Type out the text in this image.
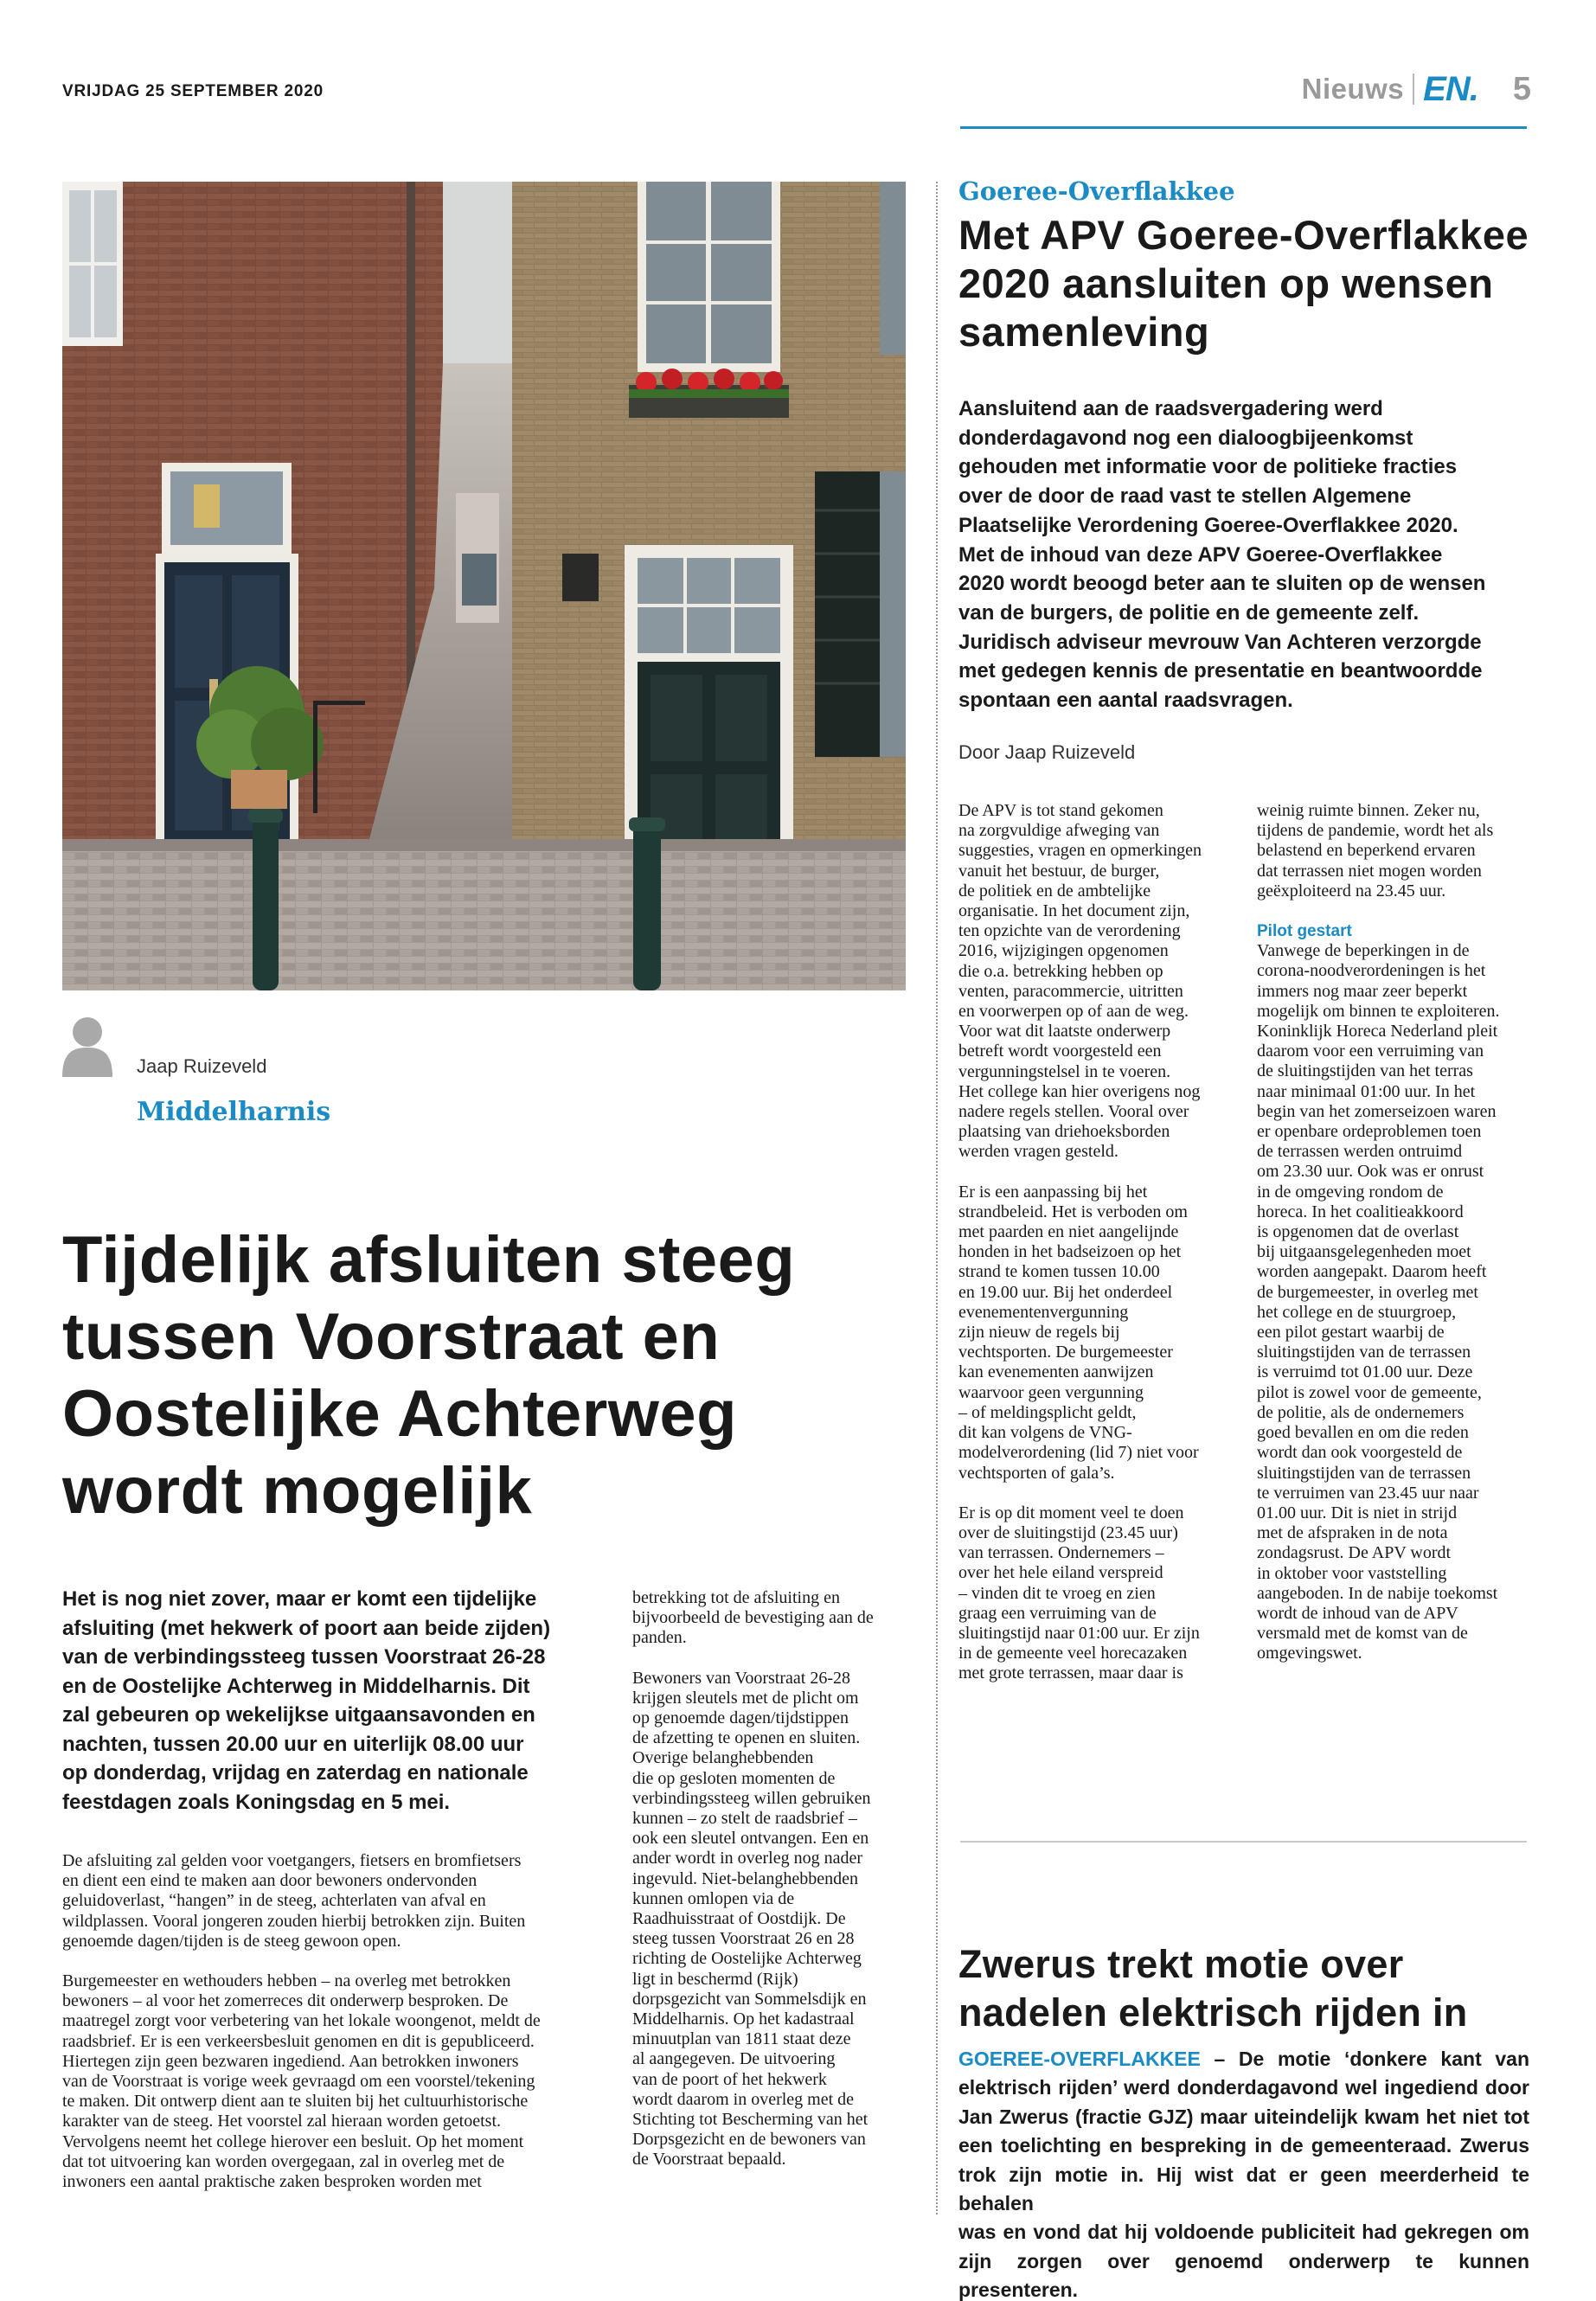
VRIJDAG 25 SEPTEMBER 2020	Nieuws EN. 5
Jaap Ruizeveld
Middelharnis
Tijdelijk afsluiten steeg
tussen Voorstraat en
Oostelijke Achterweg
wordt mogelijk
Het is nog niet zover, maar er komt een tijdelijke
afsluiting (met hekwerk of poort aan beide zijden)
van de verbindingssteeg tussen Voorstraat 26-28
en de Oostelijke Achterweg in Middelharnis. Dit
zal gebeuren op wekelijkse uitgaansavonden en
nachten, tussen 20.00 uur en uiterlijk 08.00 uur
op donderdag, vrijdag en zaterdag en nationale
feestdagen zoals Koningsdag en 5 mei.

De afsluiting zal gelden voor voetgangers, fietsers en bromfietsers
en dient een eind te maken aan door bewoners ondervonden
geluidoverlast, “hangen” in de steeg, achterlaten van afval en
wildplassen. Vooral jongeren zouden hierbij betrokken zijn. Buiten
genoemde dagen/tijden is de steeg gewoon open.

Burgemeester en wethouders hebben – na overleg met betrokken
bewoners – al voor het zomerreces dit onderwerp besproken. De
maatregel zorgt voor verbetering van het lokale woongenot, meldt de
raadsbrief. Er is een verkeersbesluit genomen en dit is gepubliceerd.
Hiertegen zijn geen bezwaren ingediend. Aan betrokken inwoners
van de Voorstraat is vorige week gevraagd om een voorstel/tekening
te maken. Dit ontwerp dient aan te sluiten bij het cultuurhistorische
karakter van de steeg. Het voorstel zal hieraan worden getoetst.
Vervolgens neemt het college hierover een besluit. Op het moment
dat tot uitvoering kan worden overgegaan, zal in overleg met de
inwoners een aantal praktische zaken besproken worden met

betrekking tot de afsluiting en
bijvoorbeeld de bevestiging aan de
panden.

Bewoners van Voorstraat 26-28
krijgen sleutels met de plicht om
op genoemde dagen/tijdstippen
de afzetting te openen en sluiten.
Overige belanghebbenden
die op gesloten momenten de
verbindingssteeg willen gebruiken
kunnen – zo stelt de raadsbrief –
ook een sleutel ontvangen. Een en
ander wordt in overleg nog nader
ingevuld. Niet-belanghebbenden
kunnen omlopen via de
Raadhuisstraat of Oostdijk. De
steeg tussen Voorstraat 26 en 28
richting de Oostelijke Achterweg
ligt in beschermd (Rijk)
dorpsgezicht van Sommelsdijk en
Middelharnis. Op het kadastraal
minuutplan van 1811 staat deze
al aangegeven. De uitvoering
van de poort of het hekwerk
wordt daarom in overleg met de
Stichting tot Bescherming van het
Dorpsgezicht en de bewoners van
de Voorstraat bepaald.

Goeree-Overflakkee
Met APV Goeree-Overflakkee
2020 aansluiten op wensen
samenleving
Aansluitend aan de raadsvergadering werd
donderdagavond nog een dialoogbijeenkomst
gehouden met informatie voor de politieke fracties
over de door de raad vast te stellen Algemene
Plaatselijke Verordening Goeree-Overflakkee 2020.
Met de inhoud van deze APV Goeree-Overflakkee
2020 wordt beoogd beter aan te sluiten op de wensen
van de burgers, de politie en de gemeente zelf.
Juridisch adviseur mevrouw Van Achteren verzorgde
met gedegen kennis de presentatie en beantwoordde
spontaan een aantal raadsvragen.
Door Jaap Ruizeveld

De APV is tot stand gekomen
na zorgvuldige afweging van
suggesties, vragen en opmerkingen
vanuit het bestuur, de burger,
de politiek en de ambtelijke
organisatie. In het document zijn,
ten opzichte van de verordening
2016, wijzigingen opgenomen
die o.a. betrekking hebben op
venten, paracommercie, uitritten
en voorwerpen op of aan de weg.
Voor wat dit laatste onderwerp
betreft wordt voorgesteld een
vergunningstelsel in te voeren.
Het college kan hier overigens nog
nadere regels stellen. Vooral over
plaatsing van driehoeksborden
werden vragen gesteld.

Er is een aanpassing bij het
strandbeleid. Het is verboden om
met paarden en niet aangelijnde
honden in het badseizoen op het
strand te komen tussen 10.00
en 19.00 uur. Bij het onderdeel
evenementenvergunning
zijn nieuw de regels bij
vechtsporten. De burgemeester
kan evenementen aanwijzen
waarvoor geen vergunning
– of meldingsplicht geldt,
dit kan volgens de VNG-
modelverordening (lid 7) niet voor
vechtsporten of gala’s.

Er is op dit moment veel te doen
over de sluitingstijd (23.45 uur)
van terrassen. Ondernemers –
over het hele eiland verspreid
– vinden dit te vroeg en zien
graag een verruiming van de
sluitingstijd naar 01:00 uur. Er zijn
in de gemeente veel horecazaken
met grote terrassen, maar daar is

weinig ruimte binnen. Zeker nu,
tijdens de pandemie, wordt het als
belastend en beperkend ervaren
dat terrassen niet mogen worden
geëxploiteerd na 23.45 uur.

Pilot gestart
Vanwege de beperkingen in de
corona-noodverordeningen is het
immers nog maar zeer beperkt
mogelijk om binnen te exploiteren.
Koninklijk Horeca Nederland pleit
daarom voor een verruiming van
de sluitingstijden van het terras
naar minimaal 01:00 uur. In het
begin van het zomerseizoen waren
er openbare ordeproblemen toen
de terrassen werden ontruimd
om 23.30 uur. Ook was er onrust
in de omgeving rondom de
horeca. In het coalitieakkoord
is opgenomen dat de overlast
bij uitgaansgelegenheden moet
worden aangepakt. Daarom heeft
de burgemeester, in overleg met
het college en de stuurgroep,
een pilot gestart waarbij de
sluitingstijden van de terrassen
is verruimd tot 01.00 uur. Deze
pilot is zowel voor de gemeente,
de politie, als de ondernemers
goed bevallen en om die reden
wordt dan ook voorgesteld de
sluitingstijden van de terrassen
te verruimen van 23.45 uur naar
01.00 uur. Dit is niet in strijd
met de afspraken in de nota
zondagsrust. De APV wordt
in oktober voor vaststelling
aangeboden. In de nabije toekomst
wordt de inhoud van de APV
versmald met de komst van de
omgevingswet.
Zwerus trekt motie over
nadelen elektrisch rijden in
GOEREE-OVERFLAKKEE – De motie ‘donkere kant van
elektrisch rijden’ werd donderdagavond wel ingediend door
Jan Zwerus (fractie GJZ) maar uiteindelijk kwam het niet tot
een toelichting en bespreking in de gemeenteraad. Zwerus
trok zijn motie in. Hij wist dat er geen meerderheid te behalen
was en vond dat hij voldoende publiciteit had gekregen om
zijn zorgen over genoemd onderwerp te kunnen presenteren.
